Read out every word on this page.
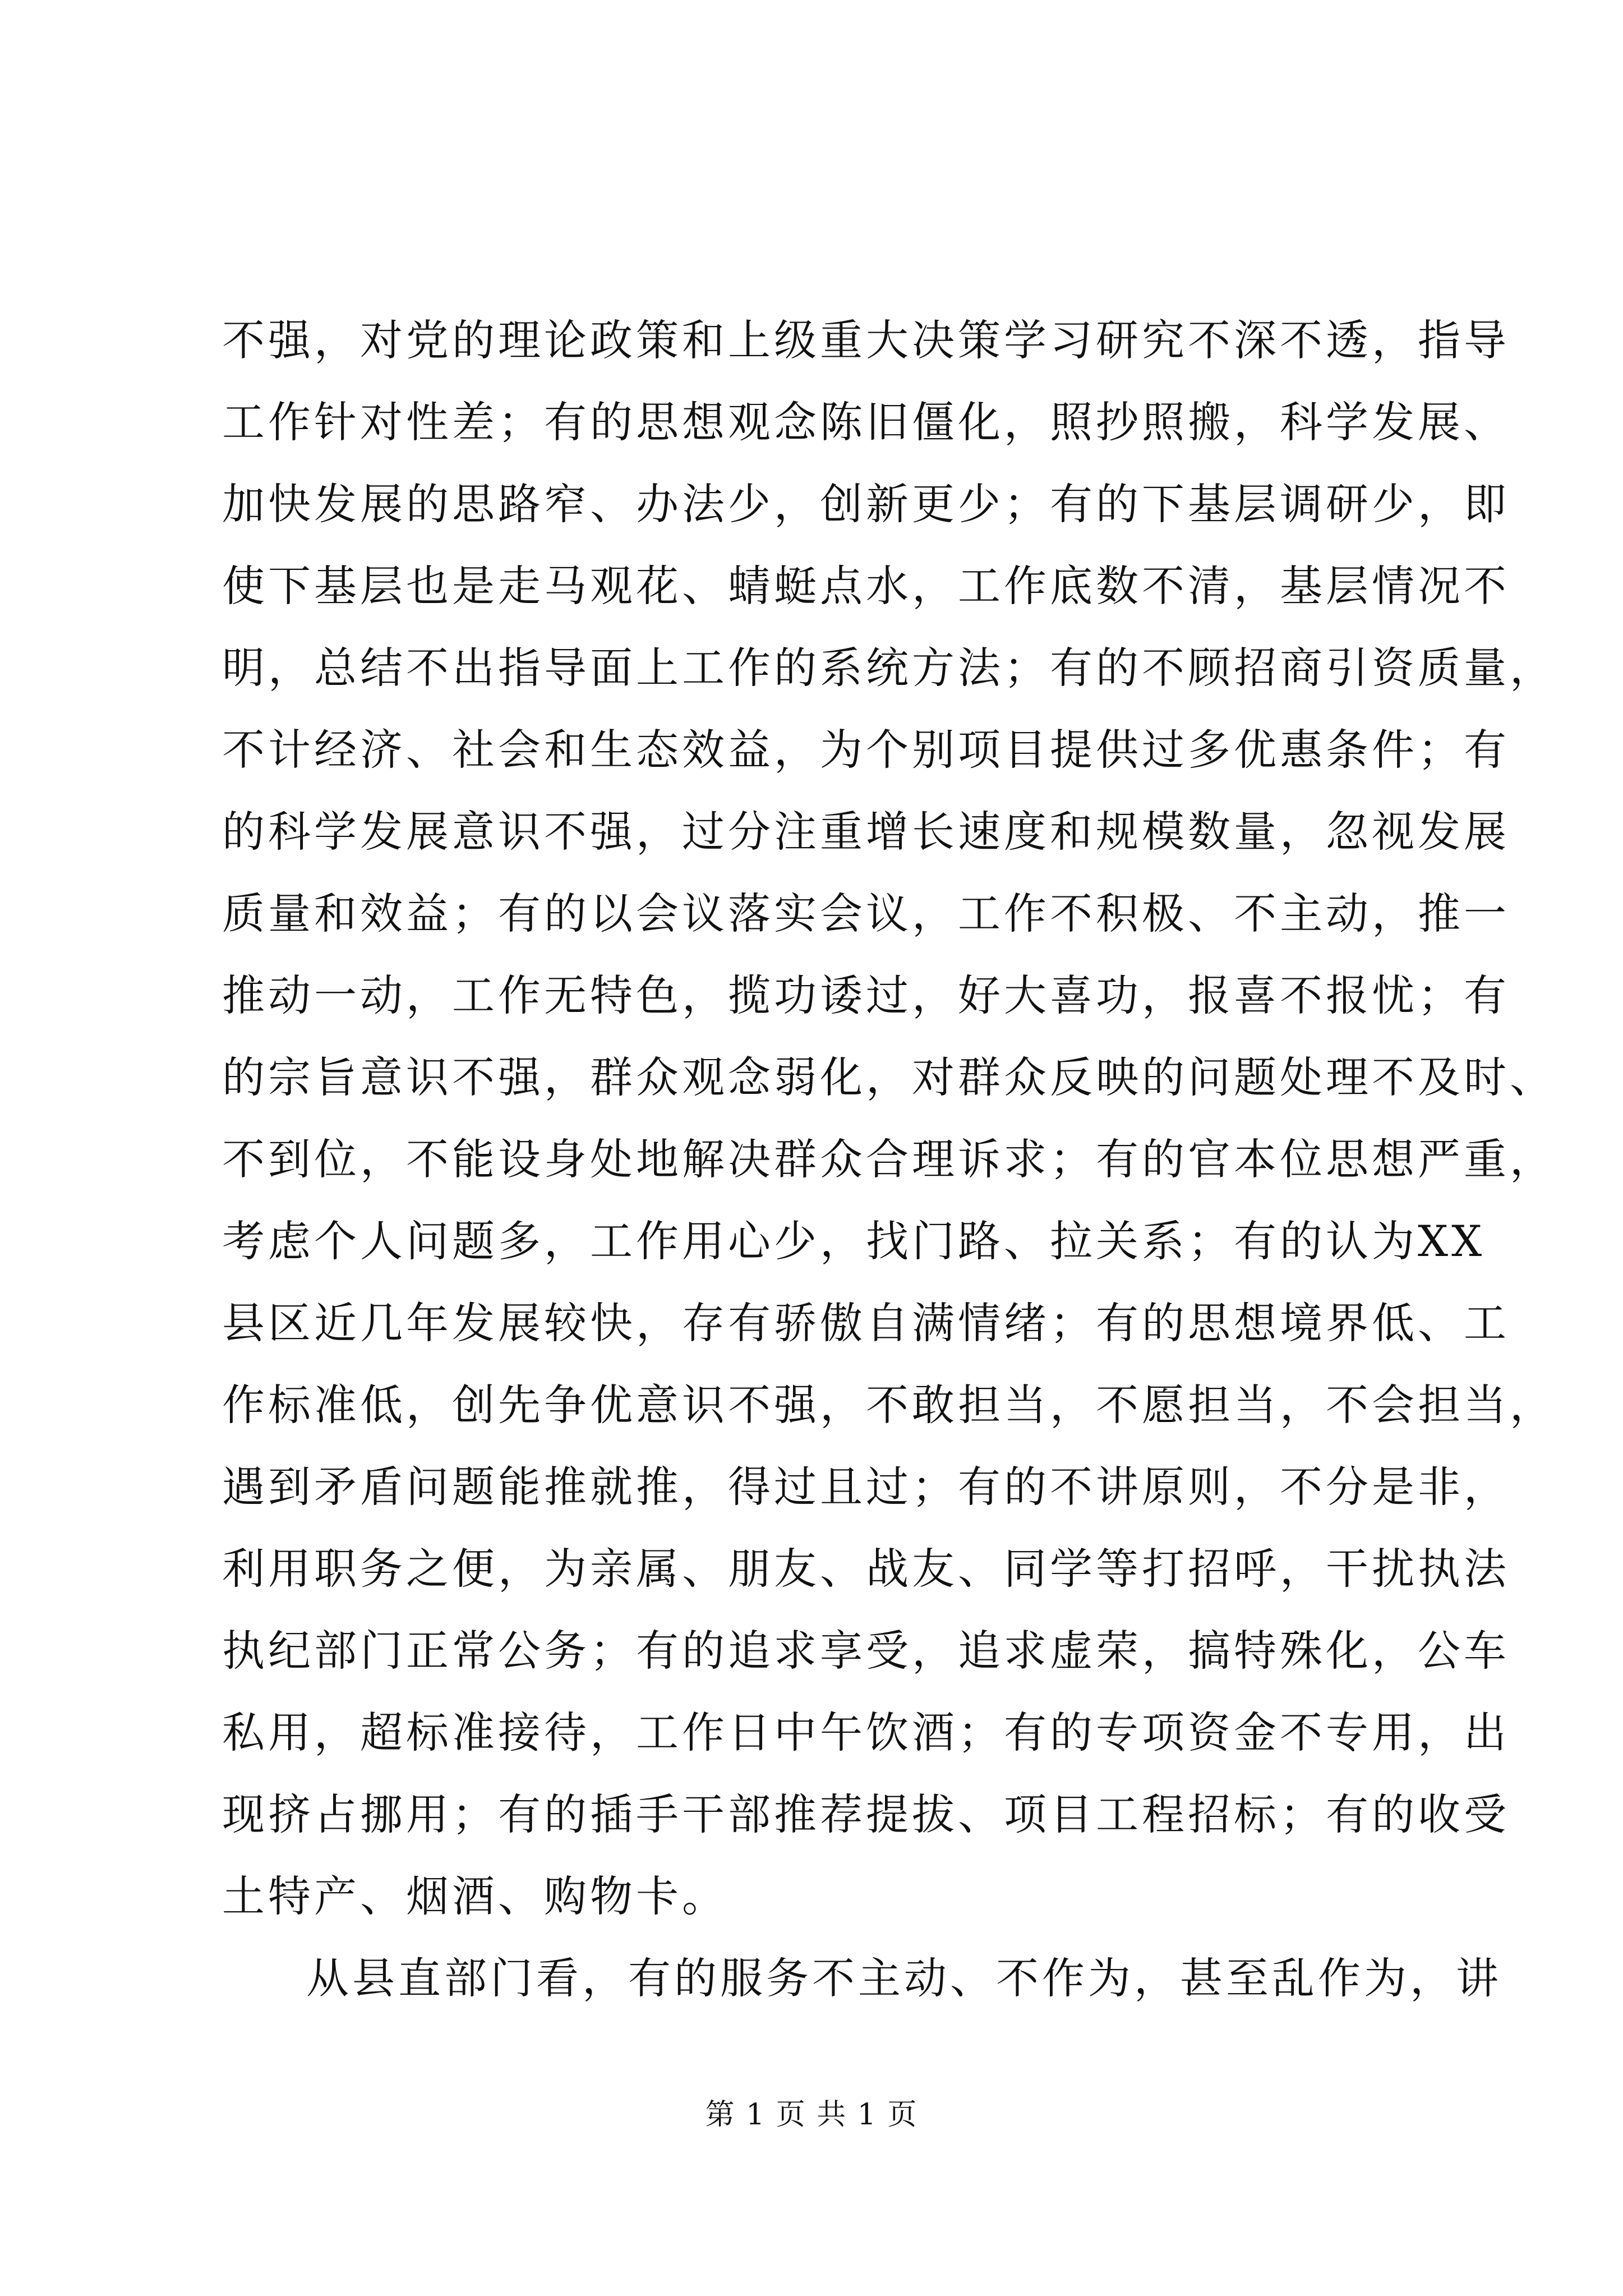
不 强 ， 对 党 的 理 论 政 策 和 上 级 重 大 决 策 学 习 研 究 不 深 不 透 ， 指 导
工 作 针 对 性 差 ； 有 的 思 想 观 念 陈 旧 僵 化 ， 照 抄 照 搬 ， 科 学 发 展 、
加 快 发 展 的 思 路 窄 、 办 法 少 ， 创 新 更 少 ； 有 的 下 基 层 调 研 少 ， 即
使 下 基 层 也 是 走 马 观 花 、 蜻 蜓 点 水 ， 工 作 底 数 不 清 ， 基 层 情 况 不
明 ， 总 结 不 出 指 导 面 上 工 作 的 系 统 方 法 ； 有 的 不 顾 招 商 引 资 质 量 ，
不 计 经 济 、 社 会 和 生 态 效 益 ， 为 个 别 项 目 提 供 过 多 优 惠 条 件 ； 有
的 科 学 发 展 意 识 不 强 ， 过 分 注 重 增 长 速 度 和 规 模 数 量 ， 忽 视 发 展
质 量 和 效 益 ； 有 的 以 会 议 落 实 会 议 ， 工 作 不 积 极 、 不 主 动 ， 推 一
推 动 一 动 ， 工 作 无 特 色 ， 揽 功 诿 过 ， 好 大 喜 功 ， 报 喜 不 报 忧 ； 有
的 宗 旨 意 识 不 强 ， 群 众 观 念 弱 化 ， 对 群 众 反 映 的 问 题 处 理 不 及 时 、
不 到 位 ， 不 能 设 身 处 地 解 决 群 众 合 理 诉 求 ； 有 的 官 本 位 思 想 严 重 ，
考 虑 个 人 问 题 多 ， 工 作 用 心 少 ， 找 门 路 、 拉 关 系 ； 有 的 认 为 X X
县 区 近 几 年 发 展 较 快 ， 存 有 骄 傲 自 满 情 绪 ； 有 的 思 想 境 界 低 、 工
作 标 准 低 ， 创 先 争 优 意 识 不 强 ， 不 敢 担 当 ， 不 愿 担 当 ， 不 会 担 当 ，
遇 到 矛 盾 问 题 能 推 就 推 ， 得 过 且 过 ； 有 的 不 讲 原 则 ， 不 分 是 非 ，
利 用 职 务 之 便 ， 为 亲 属 、 朋 友 、 战 友 、 同 学 等 打 招 呼 ， 干 扰 执 法
执 纪 部 门 正 常 公 务 ； 有 的 追 求 享 受 ， 追 求 虚 荣 ， 搞 特 殊 化 ， 公 车
私 用 ， 超 标 准 接 待 ， 工 作 日 中 午 饮 酒 ； 有 的 专 项 资 金 不 专 用 ， 出
现 挤 占 挪 用 ； 有 的 插 手 干 部 推 荐 提 拔 、 项 目 工 程 招 标 ； 有 的 收 受
土特产、烟酒、购物卡。
从县直部门看，有的服务不主动、不作为，甚至乱作为，讲
第 1 页 共 1 页
